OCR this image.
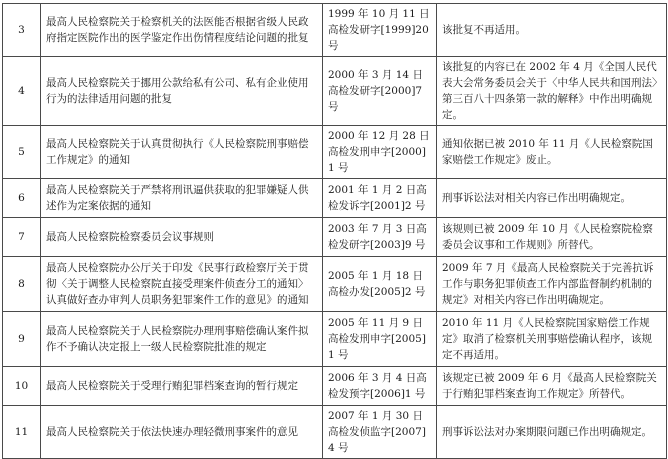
3	最高人民检察院关于检察机关的法医能否根据省级人民政府指定医院作出的医学鉴定作出伤情程度结论问题的批复	1999 年 10 月 11 日高检发研字[1999]20 号	该批复不再适用。
4	最高人民检察院关于挪用公款给私有公司、私有企业使用行为的法律适用问题的批复	2000 年 3 月 14 日高检发研字[2000]7 号	该批复的内容已在 2002 年 4 月《全国人民代表大会常务委员会关于〈中华人民共和国刑法〉第三百八十四条第一款的解释》中作出明确规定。
5	最高人民检察院关于认真贯彻执行《人民检察院刑事赔偿工作规定》的通知	2000 年 12 月 28 日高检发刑申字[2000]1 号	通知依据已被 2010 年 11 月《人民检察院国家赔偿工作规定》废止。
6	最高人民检察院关于严禁将刑讯逼供获取的犯罪嫌疑人供述作为定案依据的通知	2001 年 1 月 2 日高检发诉字[2001]2 号	刑事诉讼法对相关内容已作出明确规定。
7	最高人民检察院检察委员会议事规则	2003 年 7 月 3 日高检发研字[2003]9 号	该规则已被 2009 年 10 月《人民检察院检察委员会议事和工作规则》所替代。
8	最高人民检察院办公厅关于印发《民事行政检察厅关于贯彻〈关于调整人民检察院直接受理案件侦查分工的通知〉认真做好查办审判人员职务犯罪案件工作的意见》的通知	2005 年 1 月 18 日高检办发[2005]2 号	2009 年 7 月《最高人民检察院关于完善抗诉工作与职务犯罪侦查工作内部监督制约机制的规定》对相关内容已作出明确规定。
9	最高人民检察院关于人民检察院办理刑事赔偿确认案件拟作不予确认决定报上一级人民检察院批准的规定	2005 年 11 月 9 日高检发刑申字[2005]1 号	2010 年 11 月《人民检察院国家赔偿工作规定》取消了检察机关刑事赔偿确认程序，该规定不再适用。
10	最高人民检察院关于受理行贿犯罪档案查询的暂行规定	2006 年 3 月 4 日高检发预字[2006]1 号	该规定已被 2009 年 6 月《最高人民检察院关于行贿犯罪档案查询工作规定》所替代。
11	最高人民检察院关于依法快速办理轻微刑事案件的意见	2007 年 1 月 30 日高检发侦监字[2007]4 号	刑事诉讼法对办案期限问题已作出明确规定。
